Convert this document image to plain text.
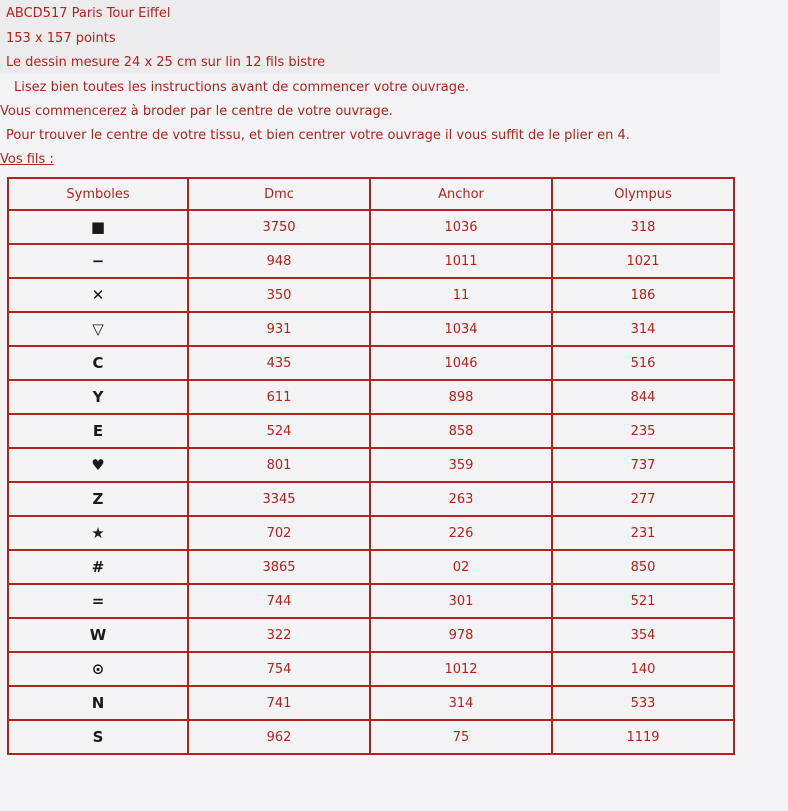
ABCD517 Paris Tour Eiffel
153 x 157 points
Le dessin mesure 24 x 25 cm sur lin 12 fils bistre
Lisez bien toutes les instructions avant de commencer votre ouvrage.
Vous commencerez à broder par le centre de votre ouvrage.
Pour trouver le centre de votre tissu, et bien centrer votre ouvrage il vous suffit de le plier en 4.
Vos fils :
Symboles	Dmc	Anchor	Olympus
■	3750	1036	318
−	948	1011	1021
✕	350	11	186
▽	931	1034	314
C	435	1046	516
Y	611	898	844
E	524	858	235
♥	801	359	737
Z	3345	263	277
★	702	226	231
#	3865	02	850
=	744	301	521
W	322	978	354
⊙	754	1012	140
N	741	314	533
S	962	75	1119
